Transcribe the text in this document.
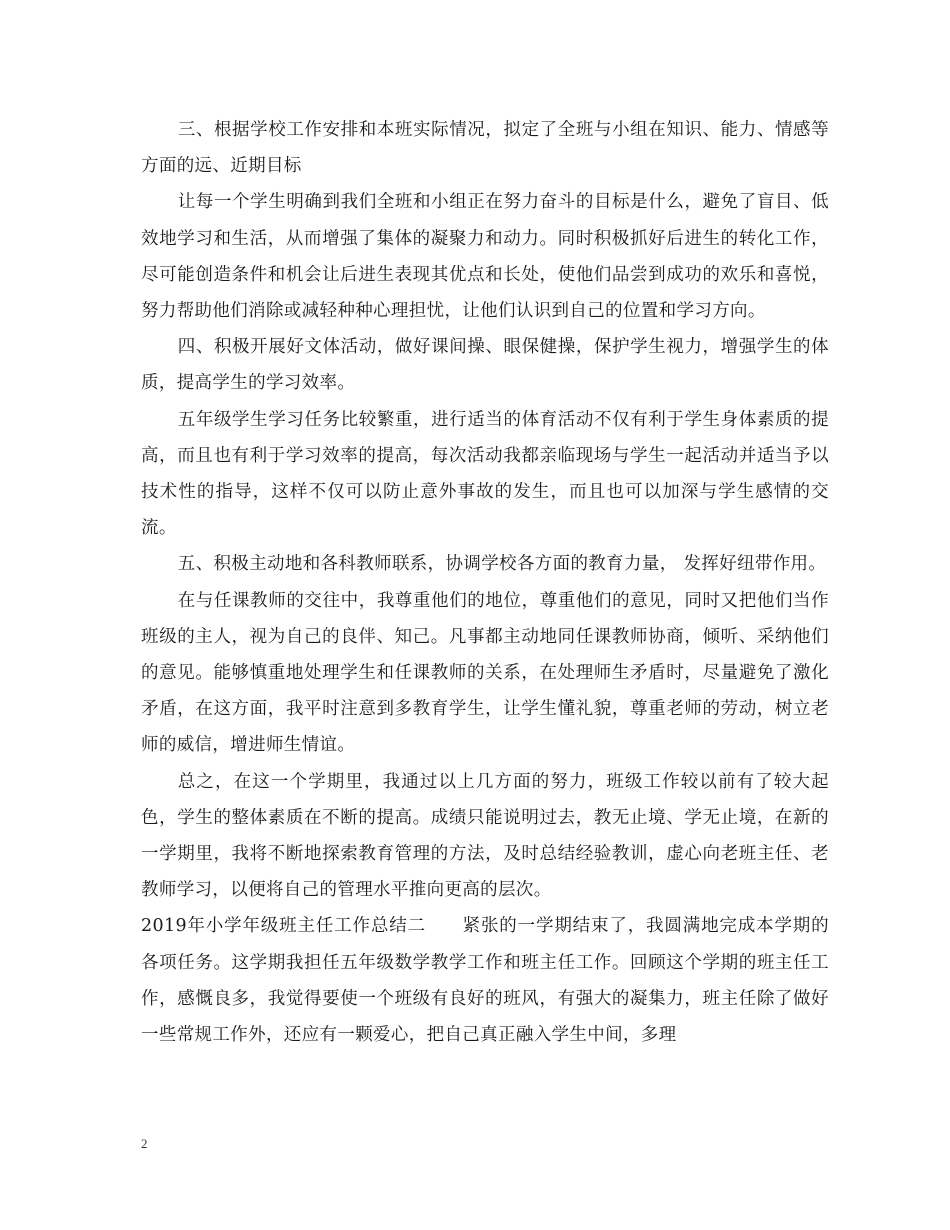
三、根据学校工作安排和本班实际情况，拟定了全班与小组在知识、能力、情感等方面的远、近期目标

让每一个学生明确到我们全班和小组正在努力奋斗的目标是什么，避免了盲目、低效地学习和生活，从而增强了集体的凝聚力和动力。同时积极抓好后进生的转化工作，尽可能创造条件和机会让后进生表现其优点和长处，使他们品尝到成功的欢乐和喜悦，努力帮助他们消除或减轻种种心理担忧，让他们认识到自己的位置和学习方向。

四、积极开展好文体活动，做好课间操、眼保健操，保护学生视力，增强学生的体质，提高学生的学习效率。

五年级学生学习任务比较繁重，进行适当的体育活动不仅有利于学生身体素质的提高，而且也有利于学习效率的提高，每次活动我都亲临现场与学生一起活动并适当予以技术性的指导，这样不仅可以防止意外事故的发生，而且也可以加深与学生感情的交流。

五、积极主动地和各科教师联系，协调学校各方面的教育力量， 发挥好纽带作用。

在与任课教师的交往中，我尊重他们的地位，尊重他们的意见，同时又把他们当作班级的主人，视为自己的良伴、知己。凡事都主动地同任课教师协商，倾听、采纳他们的意见。能够慎重地处理学生和任课教师的关系，在处理师生矛盾时，尽量避免了激化矛盾，在这方面，我平时注意到多教育学生，让学生懂礼貌，尊重老师的劳动，树立老师的威信，增进师生情谊。

总之，在这一个学期里，我通过以上几方面的努力，班级工作较以前有了较大起色，学生的整体素质在不断的提高。成绩只能说明过去，教无止境、学无止境，在新的一学期里，我将不断地探索教育管理的方法，及时总结经验教训，虚心向老班主任、老教师学习，以便将自己的管理水平推向更高的层次。

2019年小学年级班主任工作总结二　　紧张的一学期结束了，我圆满地完成本学期的各项任务。这学期我担任五年级数学教学工作和班主任工作。回顾这个学期的班主任工作，感慨良多，我觉得要使一个班级有良好的班风，有强大的凝集力，班主任除了做好一些常规工作外，还应有一颗爱心，把自己真正融入学生中间，多理

2
